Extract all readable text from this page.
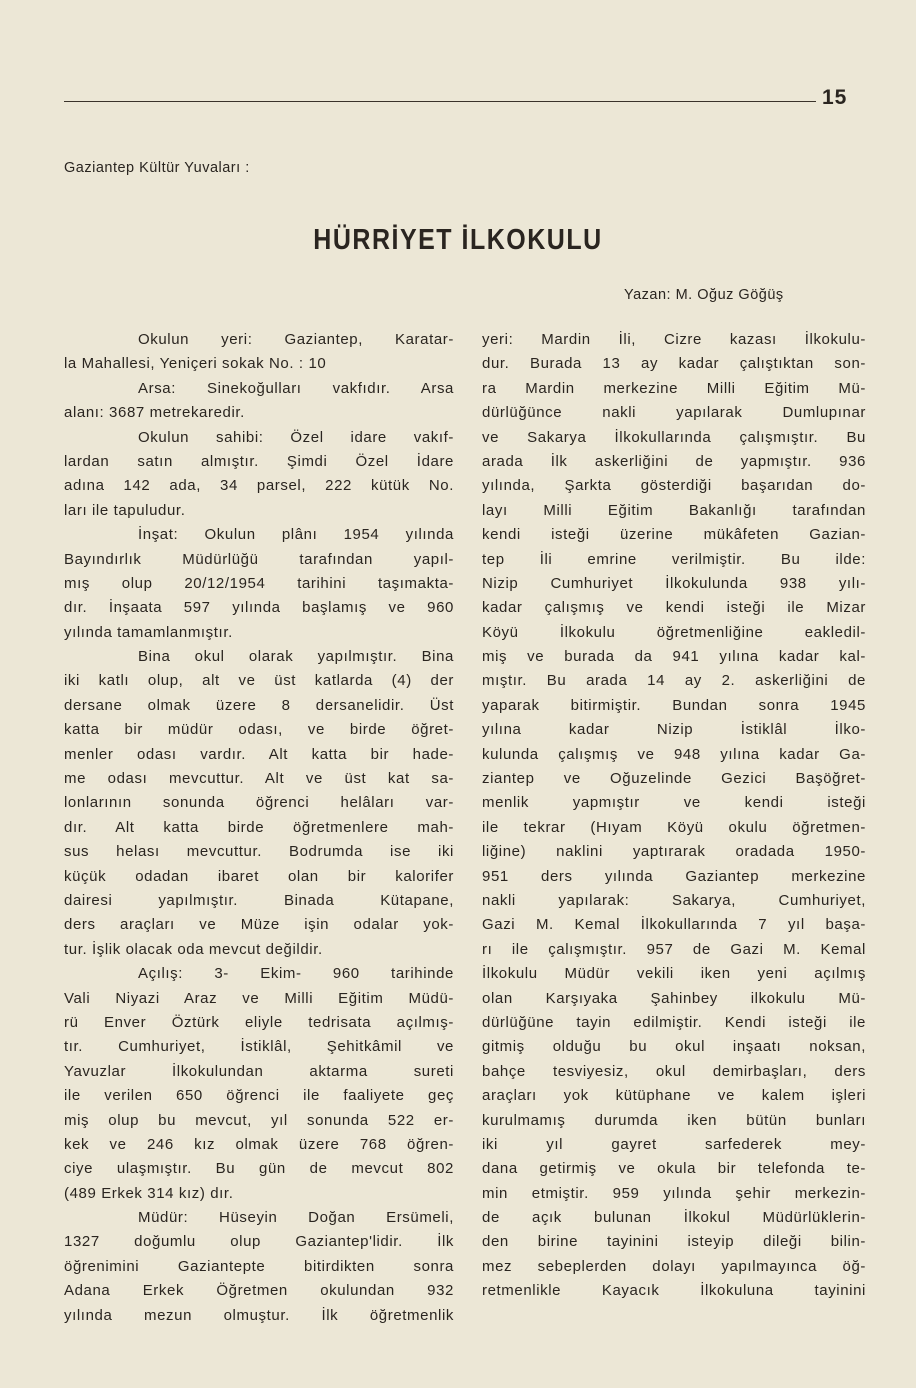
15
Gaziantep Kültür Yuvaları :
HÜRRİYET İLKOKULU
Yazan: M. Oğuz Göğüş
Okulun yeri: Gaziantep, Karatar-
la Mahallesi, Yeniçeri sokak No. : 10
Arsa: Sinekoğulları vakfıdır. Arsa
alanı: 3687 metrekaredir.
Okulun sahibi: Özel idare vakıf-
lardan satın almıştır. Şimdi Özel İdare
adına 142 ada, 34 parsel, 222 kütük No.
ları ile tapuludur.
İnşat: Okulun plânı 1954 yılında
Bayındırlık Müdürlüğü tarafından yapıl-
mış olup 20/12/1954 tarihini taşımakta-
dır. İnşaata 597 yılında başlamış ve 960
yılında tamamlanmıştır.
Bina okul olarak yapılmıştır. Bina
iki katlı olup, alt ve üst katlarda (4) der
dersane olmak üzere 8 dersanelidir. Üst
katta bir müdür odası, ve birde öğret-
menler odası vardır. Alt katta bir hade-
me odası mevcuttur. Alt ve üst kat sa-
lonlarının sonunda öğrenci helâları var-
dır. Alt katta birde öğretmenlere mah-
sus helası mevcuttur. Bodrumda ise iki
küçük odadan ibaret olan bir kalorifer
dairesi yapılmıştır. Binada Kütapane,
ders araçları ve Müze işin odalar yok-
tur. İşlik olacak oda mevcut değildir.
Açılış: 3- Ekim- 960 tarihinde
Vali Niyazi Araz ve Milli Eğitim Müdü-
rü Enver Öztürk eliyle tedrisata açılmış-
tır. Cumhuriyet, İstiklâl, Şehitkâmil ve
Yavuzlar İlkokulundan aktarma sureti
ile verilen 650 öğrenci ile faaliyete geç
miş olup bu mevcut, yıl sonunda 522 er-
kek ve 246 kız olmak üzere 768 öğren-
ciye ulaşmıştır. Bu gün de mevcut 802
(489 Erkek 314 kız) dır.
Müdür: Hüseyin Doğan Ersümeli,
1327 doğumlu olup Gaziantep'lidir. İlk
öğrenimini Gaziantepte bitirdikten sonra
Adana Erkek Öğretmen okulundan 932
yılında mezun olmuştur. İlk öğretmenlik
yeri: Mardin İli, Cizre kazası İlkokulu-
dur. Burada 13 ay kadar çalıştıktan son-
ra Mardin merkezine Milli Eğitim Mü-
dürlüğünce nakli yapılarak Dumlupınar
ve Sakarya İlkokullarında çalışmıştır. Bu
arada İlk askerliğini de yapmıştır. 936
yılında, Şarkta gösterdiği başarıdan do-
layı Milli Eğitim Bakanlığı tarafından
kendi isteği üzerine mükâfeten Gazian-
tep İli emrine verilmiştir. Bu ilde:
Nizip Cumhuriyet İlkokulunda 938 yılı-
kadar çalışmış ve kendi isteği ile Mizar
Köyü İlkokulu öğretmenliğine eakledil-
miş ve burada da 941 yılına kadar kal-
mıştır. Bu arada 14 ay 2. askerliğini de
yaparak bitirmiştir. Bundan sonra 1945
yılına kadar Nizip İstiklâl İlko-
kulunda çalışmış ve 948 yılına kadar Ga-
ziantep ve Oğuzelinde Gezici Başöğret-
menlik yapmıştır ve kendi isteği
ile tekrar (Hıyam Köyü okulu öğretmen-
liğine) naklini yaptırarak oradada 1950-
951 ders yılında Gaziantep merkezine
nakli yapılarak: Sakarya, Cumhuriyet,
Gazi M. Kemal İlkokullarında 7 yıl başa-
rı ile çalışmıştır. 957 de Gazi M. Kemal
İlkokulu Müdür vekili iken yeni açılmış
olan Karşıyaka Şahinbey ilkokulu Mü-
dürlüğüne tayin edilmiştir. Kendi isteği ile
gitmiş olduğu bu okul inşaatı noksan,
bahçe tesviyesiz, okul demirbaşları, ders
araçları yok kütüphane ve kalem işleri
kurulmamış durumda iken bütün bunları
iki yıl gayret sarfederek mey-
dana getirmiş ve okula bir telefonda te-
min etmiştir. 959 yılında şehir merkezin-
de açık bulunan İlkokul Müdürlüklerin-
den birine tayinini isteyip dileği bilin-
mez sebeplerden dolayı yapılmayınca öğ-
retmenlikle Kayacık İlkokuluna tayinini
